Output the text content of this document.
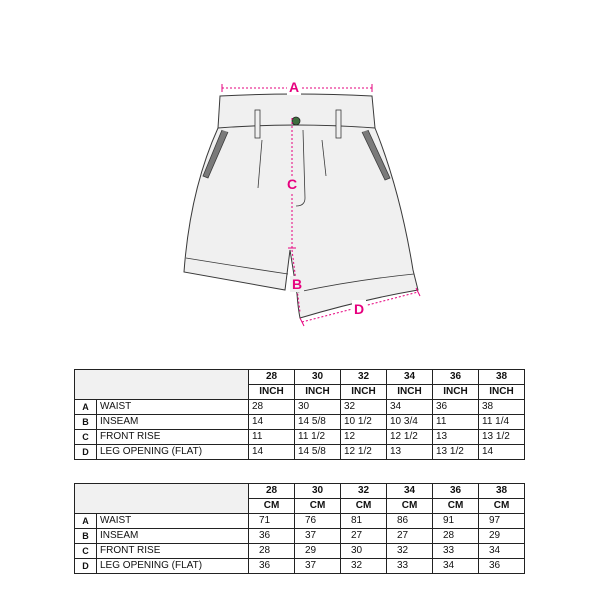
A
C
B
D
		28	30	32	34	36	38
		INCH	INCH	INCH	INCH	INCH	INCH
A	WAIST	28	30	32	34	36	38
B	INSEAM	14	14 5/8	10 1/2	10 3/4	11	11 1/4
C	FRONT RISE	11	11 1/2	12	12 1/2	13	13 1/2
D	LEG OPENING (FLAT)	14	14 5/8	12 1/2	13	13 1/2	14
		28	30	32	34	36	38
		CM	CM	CM	CM	CM	CM
A	WAIST	71	76	81	86	91	97
B	INSEAM	36	37	27	27	28	29
C	FRONT RISE	28	29	30	32	33	34
D	LEG OPENING (FLAT)	36	37	32	33	34	36
